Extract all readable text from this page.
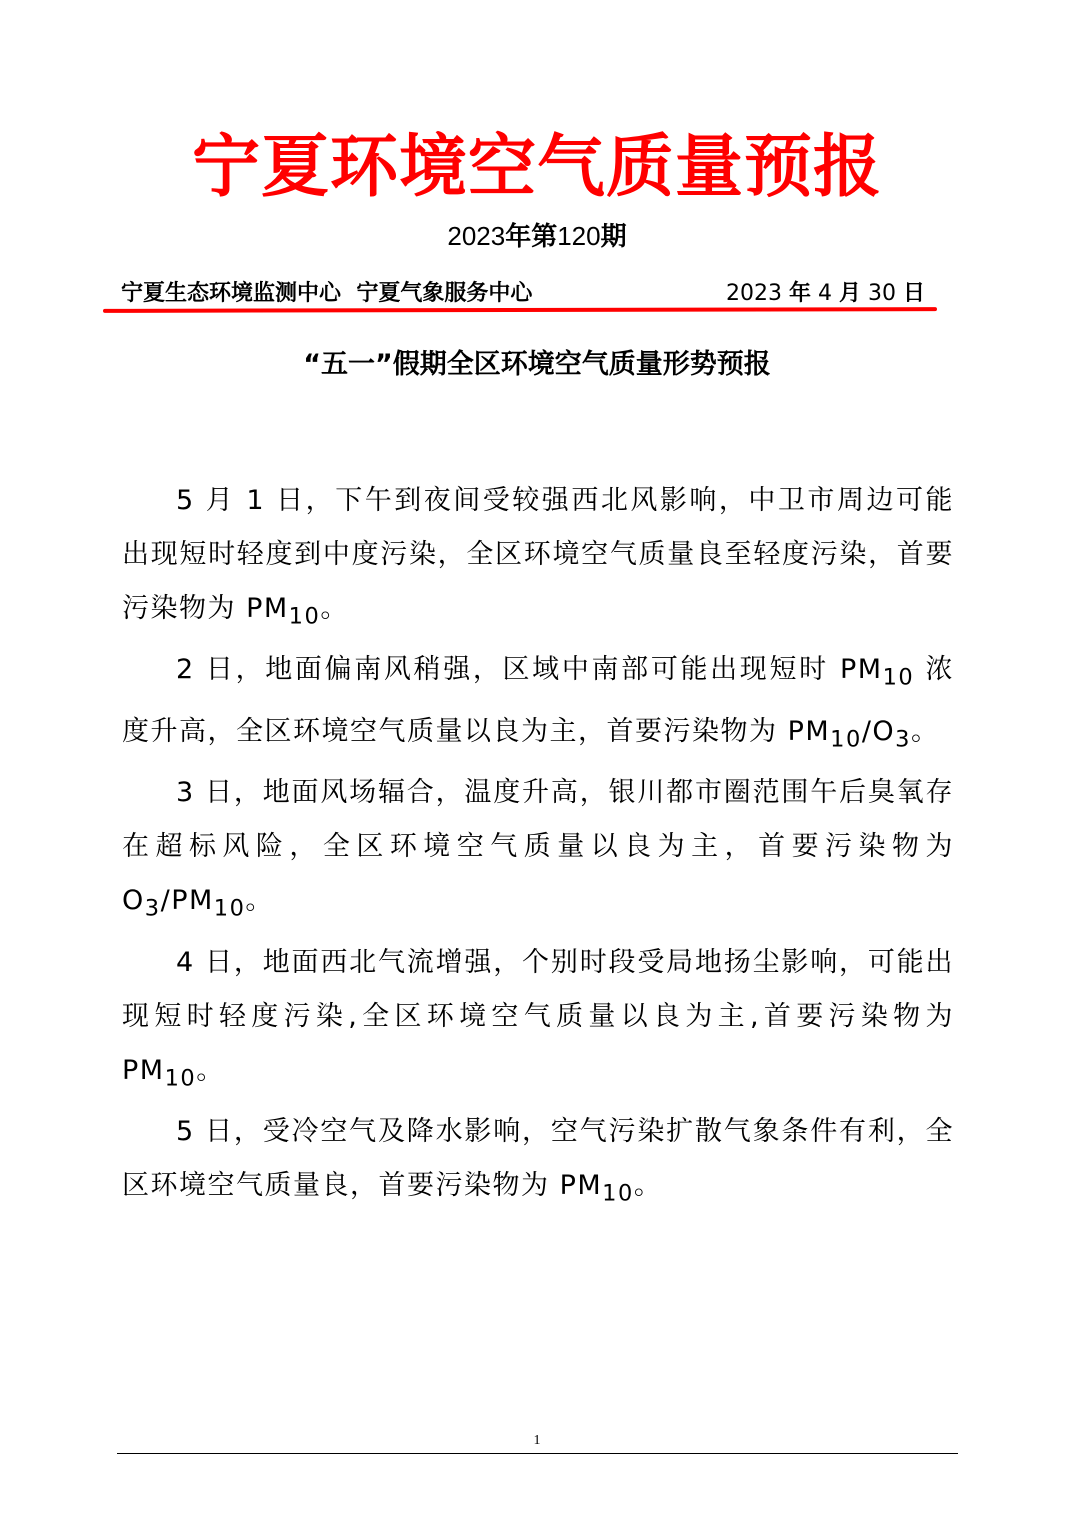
宁夏环境空气质量预报
2023年第120期
宁夏生态环境监测中心  宁夏气象服务中心	2023 年 4 月 30 日
“五一”假期全区环境空气质量形势预报

5 月 1 日，下午到夜间受较强西北风影响，中卫市周边可能出现短时轻度到中度污染，全区环境空气质量良至轻度污染，首要污染物为 $PM_{10}$。

2 日，地面偏南风稍强，区域中南部可能出现短时 $PM_{10}$ 浓度升高，全区环境空气质量以良为主，首要污染物为 $PM_{10}/O_3$。

3 日，地面风场辐合，温度升高，银川都市圈范围午后臭氧存在超标风险，全区环境空气质量以良为主，首要污染物为 $O_3/PM_{10}$。

4 日，地面西北气流增强，个别时段受局地扬尘影响，可能出现短时轻度污染,全区环境空气质量以良为主,首要污染物为 $PM_{10}$。

5 日，受冷空气及降水影响，空气污染扩散气象条件有利，全区环境空气质量良，首要污染物为 $PM_{10}$。

1
